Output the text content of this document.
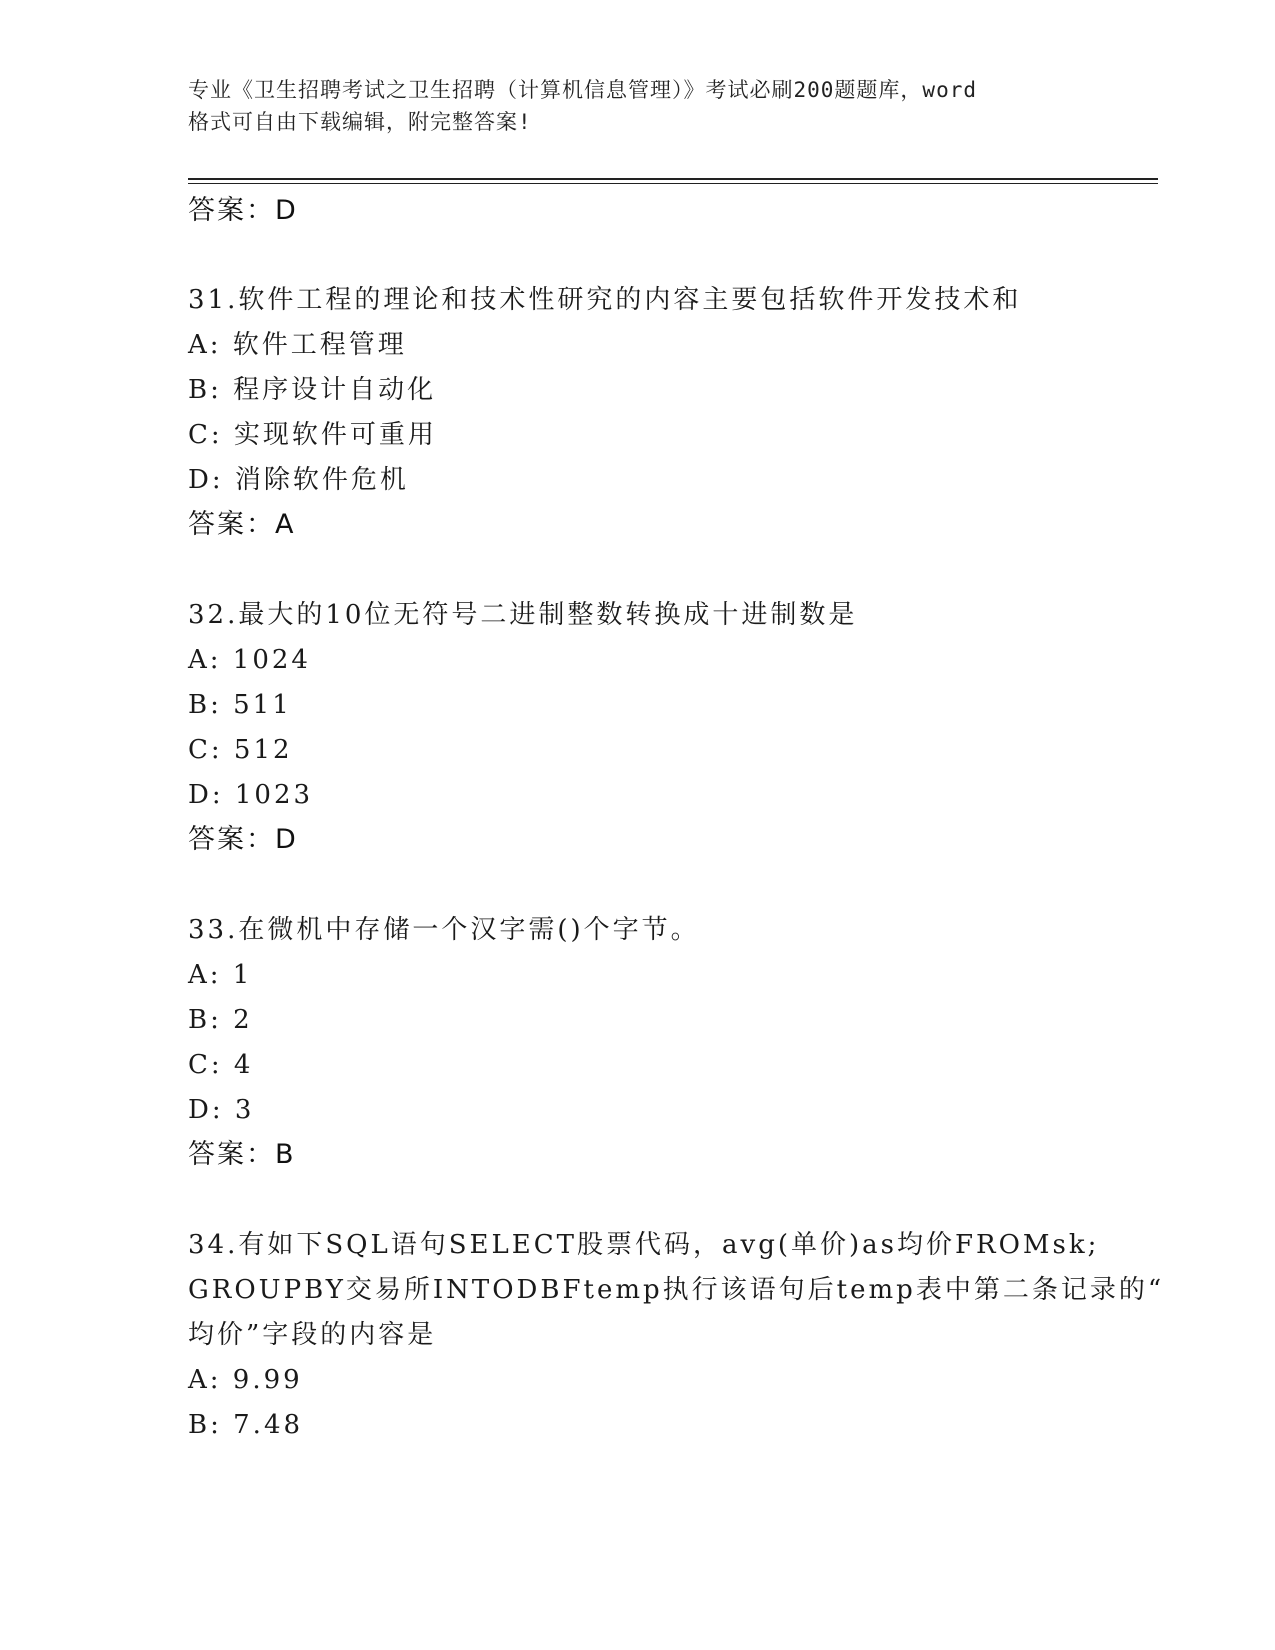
专业《卫生招聘考试之卫生招聘（计算机信息管理）》考试必刷200题题库，word
格式可自由下载编辑，附完整答案!
答案：D
31.软件工程的理论和技术性研究的内容主要包括软件开发技术和
A: 软件工程管理
B: 程序设计自动化
C: 实现软件可重用
D: 消除软件危机
答案：A
32.最大的10位无符号二进制整数转换成十进制数是
A: 1024
B: 511
C: 512
D: 1023
答案：D
33.在微机中存储一个汉字需()个字节。
A: 1
B: 2
C: 4
D: 3
答案：B
34.有如下SQL语句SELECT股票代码，avg(单价)as均价FROMsk;
GROUPBY交易所INTODBFtemp执行该语句后temp表中第二条记录的“
均价”字段的内容是
A: 9.99
B: 7.48
